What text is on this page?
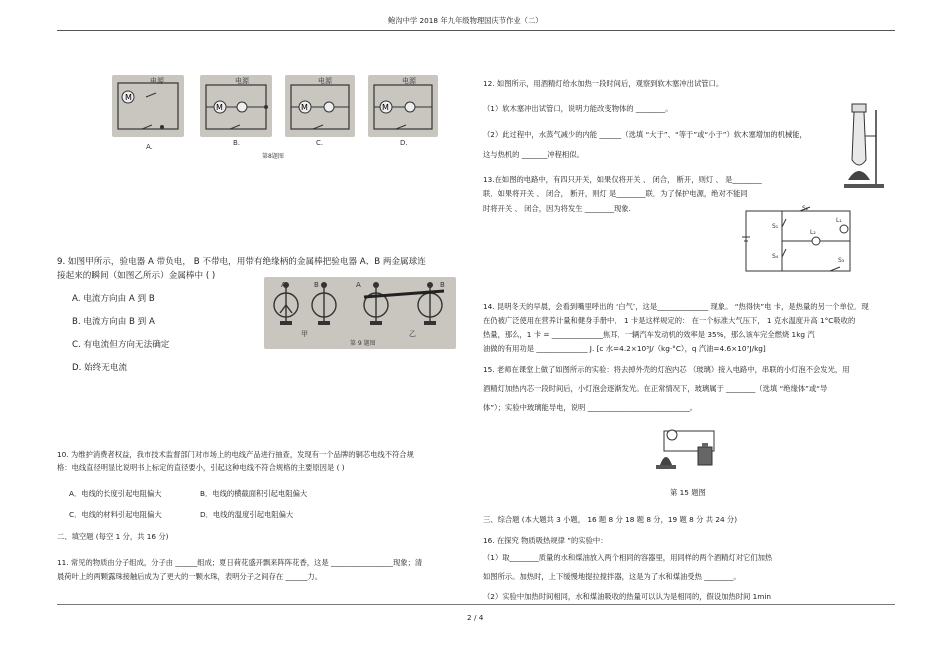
鲍沟中学 2018 年九年级物理国庆节作业（二）
M
电源
A.
M
电源
B.
M
电源
C.
M
电源
D.
第8题图
9. 如图甲所示，验电器 A 带负电， B 不带电，用带有绝缘柄的金属棒把验电器 A、B 两金属球连
接起来的瞬间（如图乙所示）金属棒中 ( )
A. 电流方向由 A 到 B
B. 电流方向由 B 到 A
C. 有电流但方向无法确定
D. 始终无电流
A	B	A	B
甲	乙
第 9 题图
10. 为维护消费者权益，我市技术监督部门对市场上的电线产品进行抽查，发现有一个品牌的铜芯电线不符合规
格：电线直径明显比说明书上标定的直径要小，引起这种电线不符合规格的主要原因是 ( )
A．电线的长度引起电阻偏大	B．电线的横截面积引起电阻偏大
C．电线的材料引起电阻偏大	D．电线的温度引起电阻偏大
二、填空题 (每空 1 分，共 16 分)
11. 常见的物质由分子组成，分子由 ______组成；夏日荷花盛开飘来阵阵花香，这是 _________________现象；清
晨荷叶上的两颗露珠接触后成为了更大的一颗水珠，表明分子之间存在 ______力。
12. 如图所示，用酒精灯给水加热一段时间后，观察到软木塞冲出试管口。
（1）软木塞冲出试管口，说明力能改变物体的 ________。
（2）此过程中，水蒸气减少的内能 ______（选填 “大于”、“等于”或“小于”）软木塞增加的机械能，
这与热机的 _______冲程相似。
13.在如图的电路中，有四只开关，如果仅将开关 、 闭合， 断开，则灯 、 是________
联．如果将开关 、 闭合， 断开，则灯 是________联．为了保护电源，绝对不能同
时将开关 、 闭合，因为将发生 ________现象.	S₂
S₁
L₂
L₁
S₄
S₃
14. 昆明冬天的早晨，会看到嘴里呼出的 ‘白气’，这是______________ 现象。 “热得快”电 卡，是热量的另一个单位．现
在仍被广泛使用在营养计量和健身手册中． 1 卡是这样规定的： 在一个标准大气压下， 1 克水温度升高 1°C吸收的
热量，那么，1 卡 = ______________焦耳．一辆汽车发动机的效率是 35%，那么该车完全燃烧 1kg 汽
油做的有用功是 ______________ J. [c 水=4.2×10³J/（kg·°C），q 汽油=4.6×10⁷J/kg]
15. 老师在课堂上做了如图所示的实验：将去掉外壳的灯泡内芯 （玻璃）接入电路中，串联的小灯泡不会发光，用
酒精灯加热内芯一段时间后，小灯泡会逐渐发光。在正常情况下，玻璃属于 ________（选填 “绝缘体”或“导
体”）；实验中玻璃能导电，说明 ____________________________。
第 15 题图
三、综合题 (本大题共 3 小题， 16 题 8 分 18 题 8 分，19 题 8 分 共 24 分)
16. 在探究 物质吸热规律 ”的实验中：
（1）取________质量的水和煤油放入两个相同的容器里，用同样的两个酒精灯对它们加热
如图所示。加热时，上下缓慢地提拉搅拌器，这是为了水和煤油受热 ________。
（2）实验中加热时间相同，水和煤油吸收的热量可以认为是相同的，假设加热时间 1min
2 / 4
